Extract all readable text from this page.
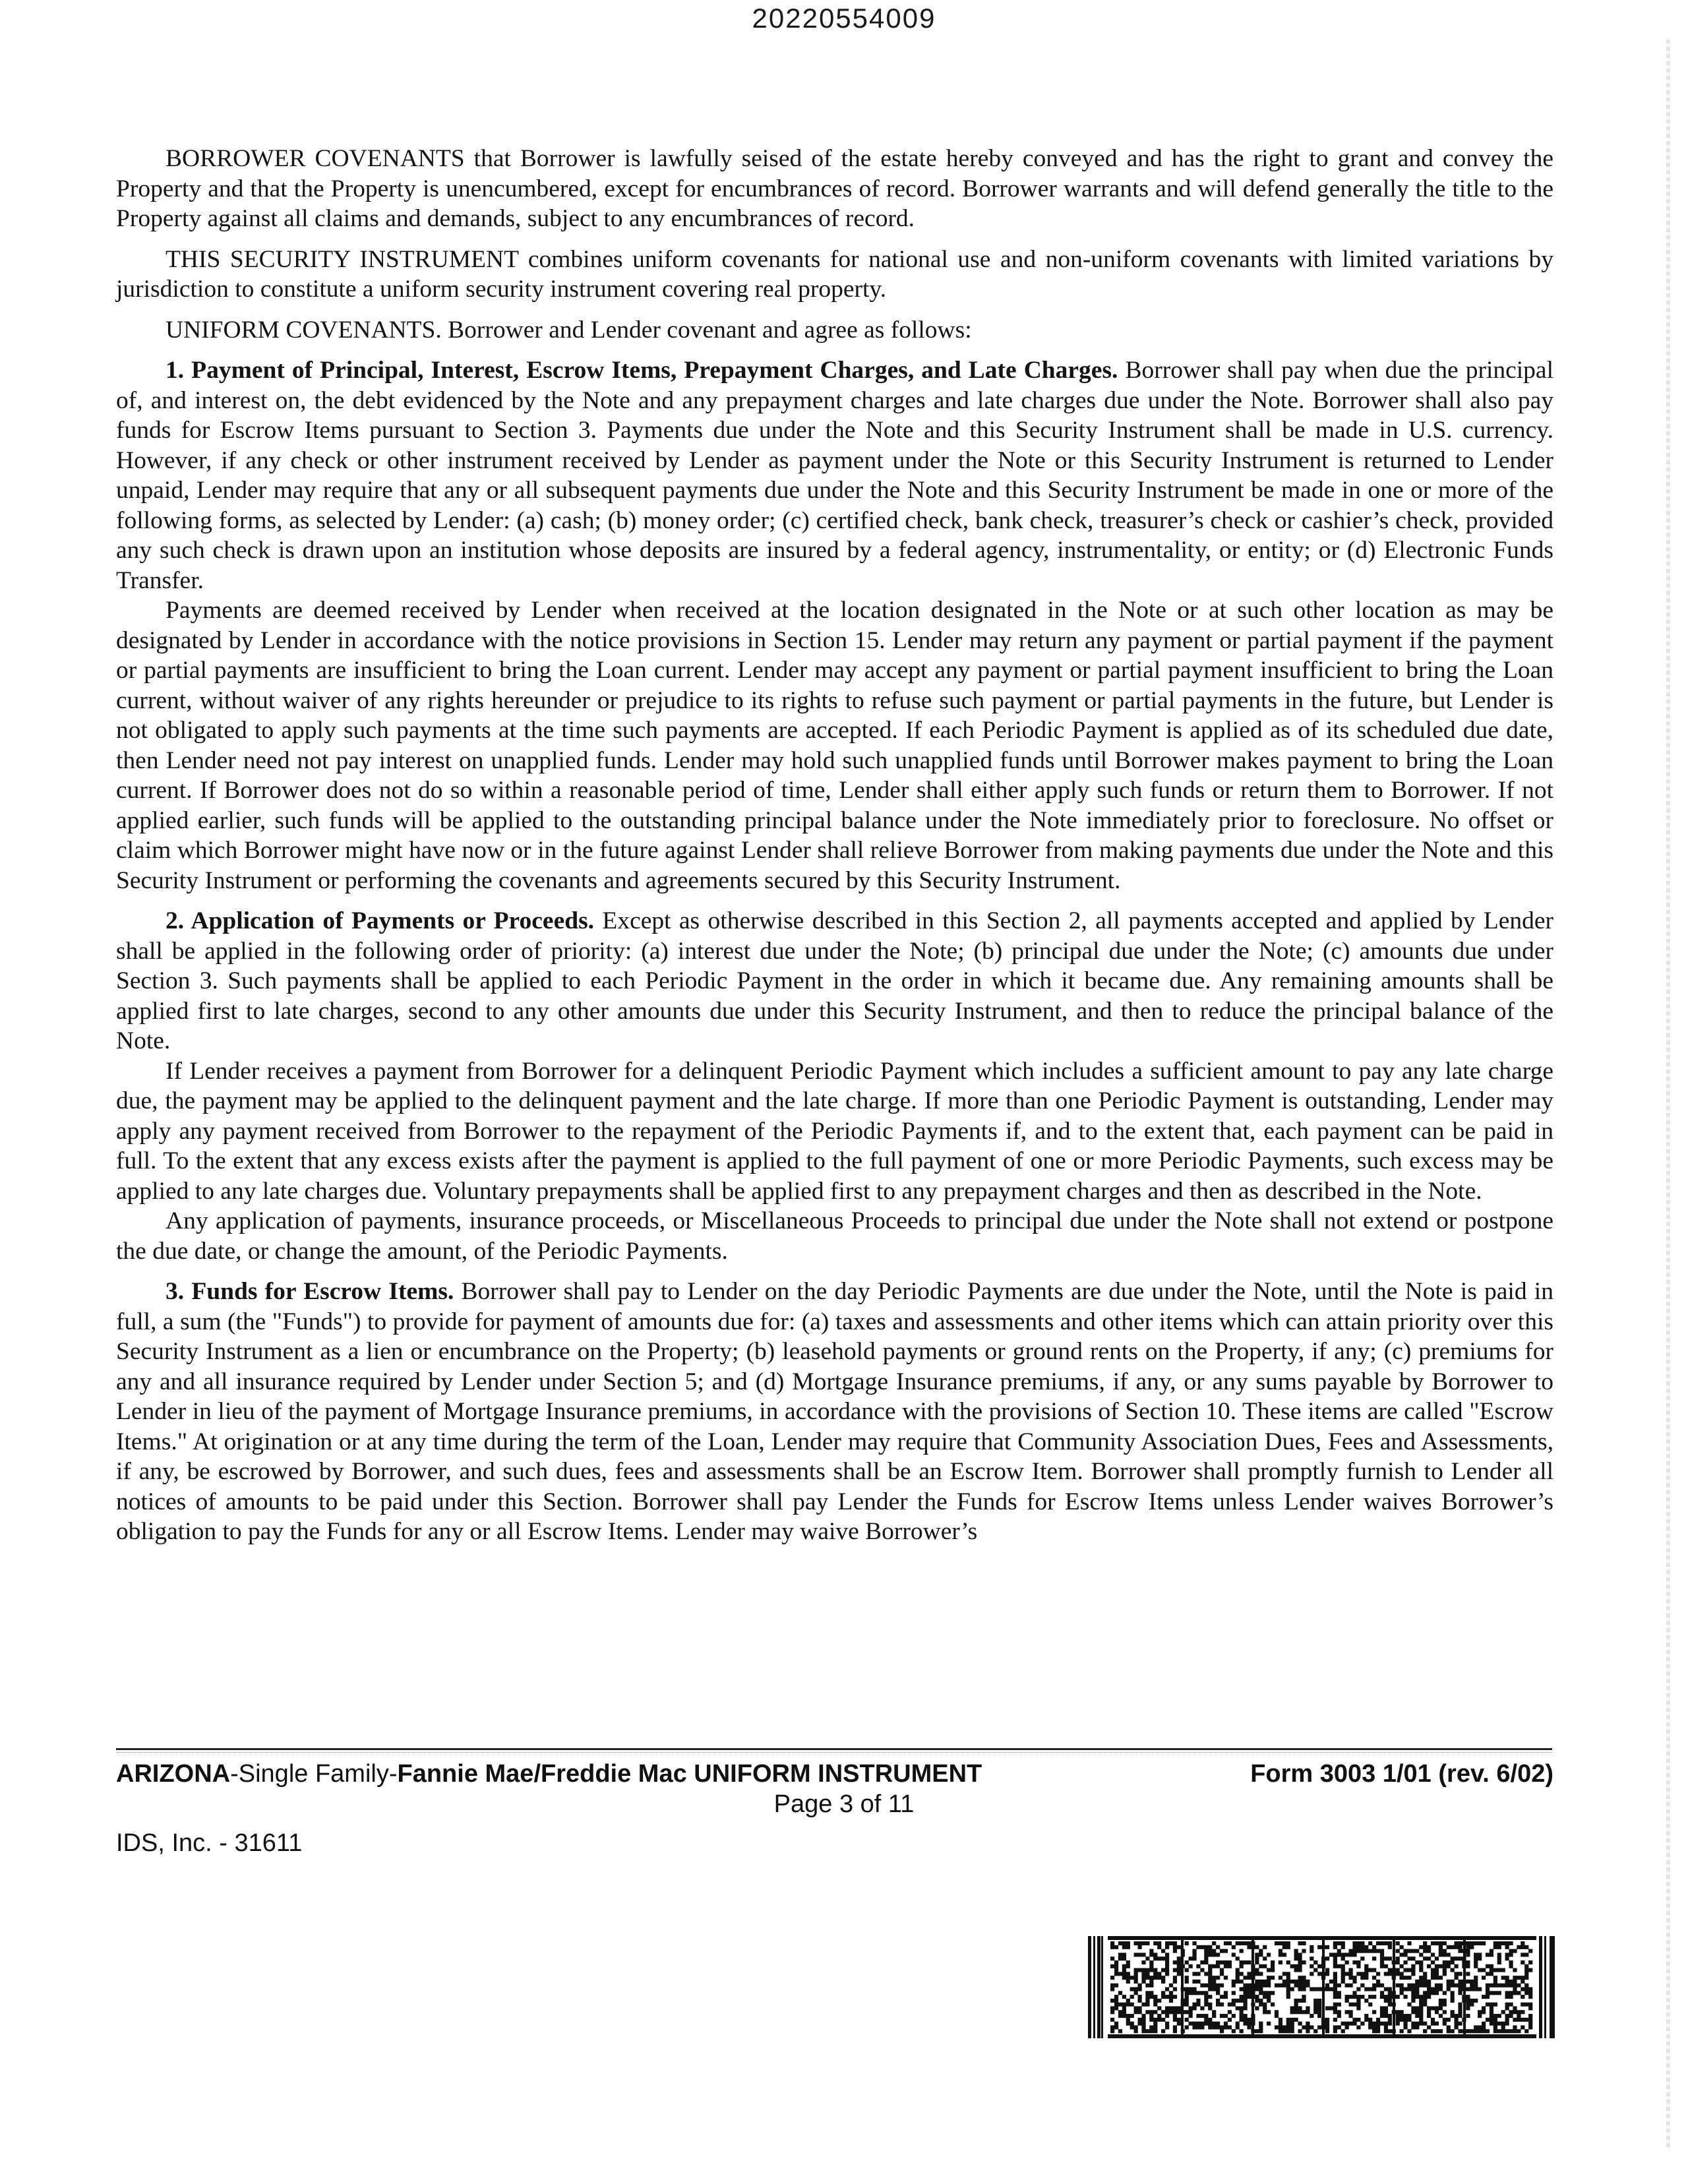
20220554009

BORROWER COVENANTS that Borrower is lawfully seised of the estate hereby conveyed and has the right to grant and convey the Property and that the Property is unencumbered, except for encumbrances of record. Borrower warrants and will defend generally the title to the Property against all claims and demands, subject to any encumbrances of record.

THIS SECURITY INSTRUMENT combines uniform covenants for national use and non-uniform covenants with limited variations by jurisdiction to constitute a uniform security instrument covering real property.

UNIFORM COVENANTS. Borrower and Lender covenant and agree as follows:

1. Payment of Principal, Interest, Escrow Items, Prepayment Charges, and Late Charges. Borrower shall pay when due the principal of, and interest on, the debt evidenced by the Note and any prepayment charges and late charges due under the Note. Borrower shall also pay funds for Escrow Items pursuant to Section 3. Payments due under the Note and this Security Instrument shall be made in U.S. currency. However, if any check or other instrument received by Lender as payment under the Note or this Security Instrument is returned to Lender unpaid, Lender may require that any or all subsequent payments due under the Note and this Security Instrument be made in one or more of the following forms, as selected by Lender: (a) cash; (b) money order; (c) certified check, bank check, treasurer’s check or cashier’s check, provided any such check is drawn upon an institution whose deposits are insured by a federal agency, instrumentality, or entity; or (d) Electronic Funds Transfer.

Payments are deemed received by Lender when received at the location designated in the Note or at such other location as may be designated by Lender in accordance with the notice provisions in Section 15. Lender may return any payment or partial payment if the payment or partial payments are insufficient to bring the Loan current. Lender may accept any payment or partial payment insufficient to bring the Loan current, without waiver of any rights hereunder or prejudice to its rights to refuse such payment or partial payments in the future, but Lender is not obligated to apply such payments at the time such payments are accepted. If each Periodic Payment is applied as of its scheduled due date, then Lender need not pay interest on unapplied funds. Lender may hold such unapplied funds until Borrower makes payment to bring the Loan current. If Borrower does not do so within a reasonable period of time, Lender shall either apply such funds or return them to Borrower. If not applied earlier, such funds will be applied to the outstanding principal balance under the Note immediately prior to foreclosure. No offset or claim which Borrower might have now or in the future against Lender shall relieve Borrower from making payments due under the Note and this Security Instrument or performing the covenants and agreements secured by this Security Instrument.

2. Application of Payments or Proceeds. Except as otherwise described in this Section 2, all payments accepted and applied by Lender shall be applied in the following order of priority: (a) interest due under the Note; (b) principal due under the Note; (c) amounts due under Section 3. Such payments shall be applied to each Periodic Payment in the order in which it became due. Any remaining amounts shall be applied first to late charges, second to any other amounts due under this Security Instrument, and then to reduce the principal balance of the Note.

If Lender receives a payment from Borrower for a delinquent Periodic Payment which includes a sufficient amount to pay any late charge due, the payment may be applied to the delinquent payment and the late charge. If more than one Periodic Payment is outstanding, Lender may apply any payment received from Borrower to the repayment of the Periodic Payments if, and to the extent that, each payment can be paid in full. To the extent that any excess exists after the payment is applied to the full payment of one or more Periodic Payments, such excess may be applied to any late charges due. Voluntary prepayments shall be applied first to any prepayment charges and then as described in the Note.

Any application of payments, insurance proceeds, or Miscellaneous Proceeds to principal due under the Note shall not extend or postpone the due date, or change the amount, of the Periodic Payments.

3. Funds for Escrow Items. Borrower shall pay to Lender on the day Periodic Payments are due under the Note, until the Note is paid in full, a sum (the "Funds") to provide for payment of amounts due for: (a) taxes and assessments and other items which can attain priority over this Security Instrument as a lien or encumbrance on the Property; (b) leasehold payments or ground rents on the Property, if any; (c) premiums for any and all insurance required by Lender under Section 5; and (d) Mortgage Insurance premiums, if any, or any sums payable by Borrower to Lender in lieu of the payment of Mortgage Insurance premiums, in accordance with the provisions of Section 10. These items are called "Escrow Items." At origination or at any time during the term of the Loan, Lender may require that Community Association Dues, Fees and Assessments, if any, be escrowed by Borrower, and such dues, fees and assessments shall be an Escrow Item. Borrower shall promptly furnish to Lender all notices of amounts to be paid under this Section. Borrower shall pay Lender the Funds for Escrow Items unless Lender waives Borrower’s obligation to pay the Funds for any or all Escrow Items. Lender may waive Borrower’s

ARIZONA-Single Family-Fannie Mae/Freddie Mac UNIFORM INSTRUMENT	Form 3003 1/01 (rev. 6/02)
Page 3 of 11
IDS, Inc. - 31611
